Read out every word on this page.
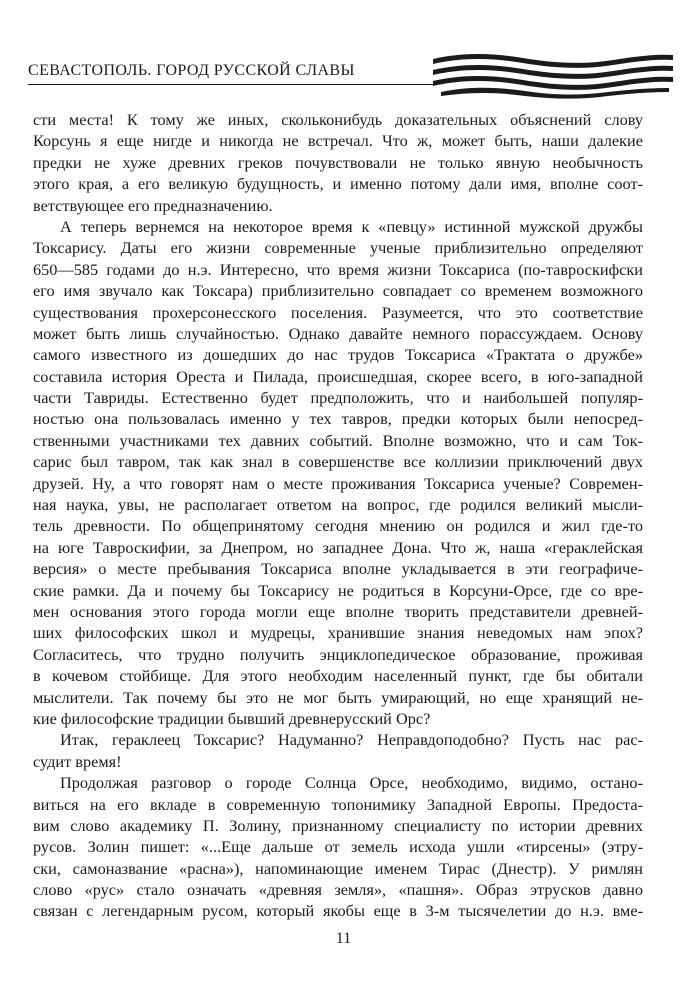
СЕВАСТОПОЛЬ. ГОРОД РУССКОЙ СЛАВЫ
сти места! К тому же иных, скольконибудь доказательных объяснений слову
Корсунь я еще нигде и никогда не встречал. Что ж, может быть, наши далекие
предки не хуже древних греков почувствовали не только явную необычность
этого края, а его великую будущность, и именно потому дали имя, вполне соот-
ветствующее его предназначению.
А теперь вернемся на некоторое время к «певцу» истинной мужской дружбы
Токсарису. Даты его жизни современные ученые приблизительно определяют
650—585 годами до н.э. Интересно, что время жизни Токсариса (по-тавроскифски
его имя звучало как Токсара) приблизительно совпадает со временем возможного
существования прохерсонесского поселения. Разумеется, что это соответствие
может быть лишь случайностью. Однако давайте немного порассуждаем. Основу
самого известного из дошедших до нас трудов Токсариса «Трактата о дружбе»
составила история Ореста и Пилада, происшедшая, скорее всего, в юго-западной
части Тавриды. Естественно будет предположить, что и наибольшей популяр-
ностью она пользовалась именно у тех тавров, предки которых были непосред-
ственными участниками тех давних событий. Вполне возможно, что и сам Ток-
сарис был тавром, так как знал в совершенстве все коллизии приключений двух
друзей. Ну, а что говорят нам о месте проживания Токсариса ученые? Современ-
ная наука, увы, не располагает ответом на вопрос, где родился великий мысли-
тель древности. По общепринятому сегодня мнению он родился и жил где-то
на юге Тавроскифии, за Днепром, но западнее Дона. Что ж, наша «гераклейская
версия» о месте пребывания Токсариса вполне укладывается в эти географиче-
ские рамки. Да и почему бы Токсарису не родиться в Корсуни-Орсе, где со вре-
мен основания этого города могли еще вполне творить представители древней-
ших философских школ и мудрецы, хранившие знания неведомых нам эпох?
Согласитесь, что трудно получить энциклопедическое образование, проживая
в кочевом стойбище. Для этого необходим населенный пункт, где бы обитали
мыслители. Так почему бы это не мог быть умирающий, но еще хранящий не-
кие философские традиции бывший древнерусский Орс?
Итак, гераклеец Токсарис? Надуманно? Неправдоподобно? Пусть нас рас-
судит время!
Продолжая разговор о городе Солнца Орсе, необходимо, видимо, остано-
виться на его вкладе в современную топонимику Западной Европы. Предоста-
вим слово академику П. Золину, признанному специалисту по истории древних
русов. Золин пишет: «...Еще дальше от земель исхода ушли «тирсены» (этру-
ски, самоназвание «расна»), напоминающие именем Тирас (Днестр). У римлян
слово «рус» стало означать «древняя земля», «пашня». Образ этрусков давно
связан с легендарным русом, который якобы еще в 3-м тысячелетии до н.э. вме-
11
